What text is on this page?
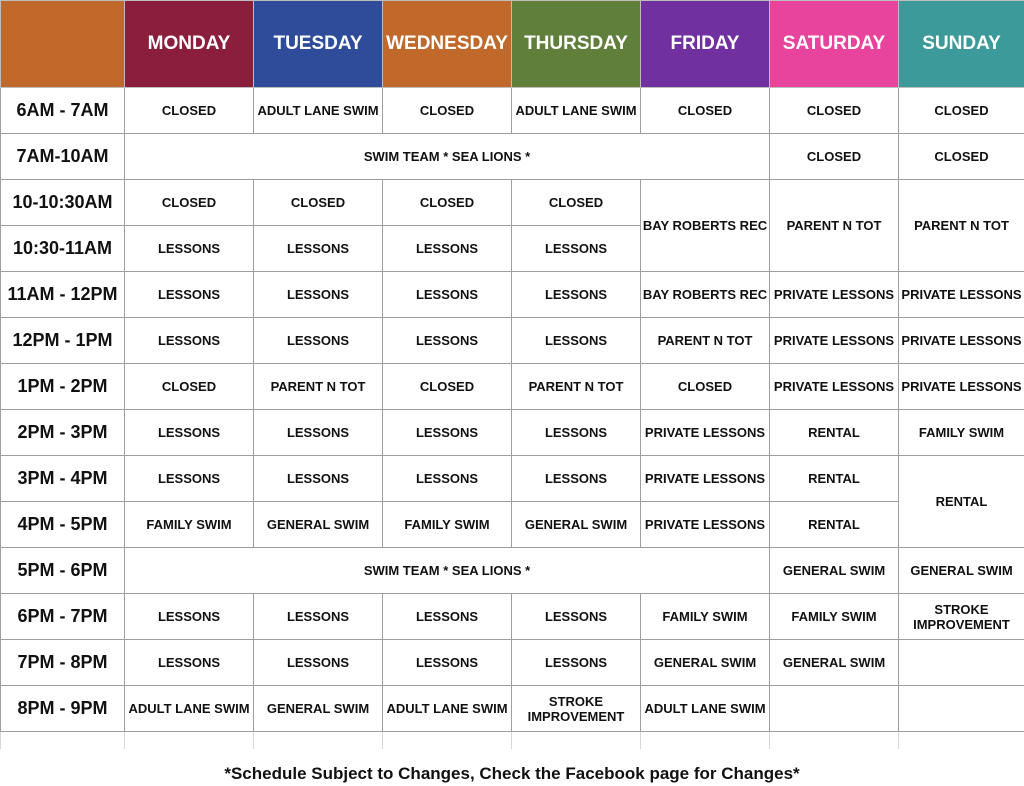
	MONDAY	TUESDAY	WEDNESDAY	THURSDAY	FRIDAY	SATURDAY	SUNDAY
6AM - 7AM	CLOSED	ADULT LANE SWIM	CLOSED	ADULT LANE SWIM	CLOSED	CLOSED	CLOSED
7AM-10AM	SWIM TEAM * SEA LIONS *					CLOSED	CLOSED
10-10:30AM	CLOSED	CLOSED	CLOSED	CLOSED	BAY ROBERTS REC	PARENT N TOT	PARENT N TOT
10:30-11AM	LESSONS	LESSONS	LESSONS	LESSONS			
11AM - 12PM	LESSONS	LESSONS	LESSONS	LESSONS	BAY ROBERTS REC	PRIVATE LESSONS	PRIVATE LESSONS
12PM - 1PM	LESSONS	LESSONS	LESSONS	LESSONS	PARENT N TOT	PRIVATE LESSONS	PRIVATE LESSONS
1PM - 2PM	CLOSED	PARENT N TOT	CLOSED	PARENT N TOT	CLOSED	PRIVATE LESSONS	PRIVATE LESSONS
2PM - 3PM	LESSONS	LESSONS	LESSONS	LESSONS	PRIVATE LESSONS	RENTAL	FAMILY SWIM
3PM - 4PM	LESSONS	LESSONS	LESSONS	LESSONS	PRIVATE LESSONS	RENTAL	RENTAL
4PM - 5PM	FAMILY SWIM	GENERAL SWIM	FAMILY SWIM	GENERAL SWIM	PRIVATE LESSONS	RENTAL	
5PM - 6PM	SWIM TEAM * SEA LIONS *					GENERAL SWIM	GENERAL SWIM
6PM - 7PM	LESSONS	LESSONS	LESSONS	LESSONS	FAMILY SWIM	FAMILY SWIM	STROKE
IMPROVEMENT
7PM - 8PM	LESSONS	LESSONS	LESSONS	LESSONS	GENERAL SWIM	GENERAL SWIM	
8PM - 9PM	ADULT LANE SWIM	GENERAL SWIM	ADULT LANE SWIM	STROKE
IMPROVEMENT	ADULT LANE SWIM		

*Schedule Subject to Changes, Check the Facebook page for Changes*
